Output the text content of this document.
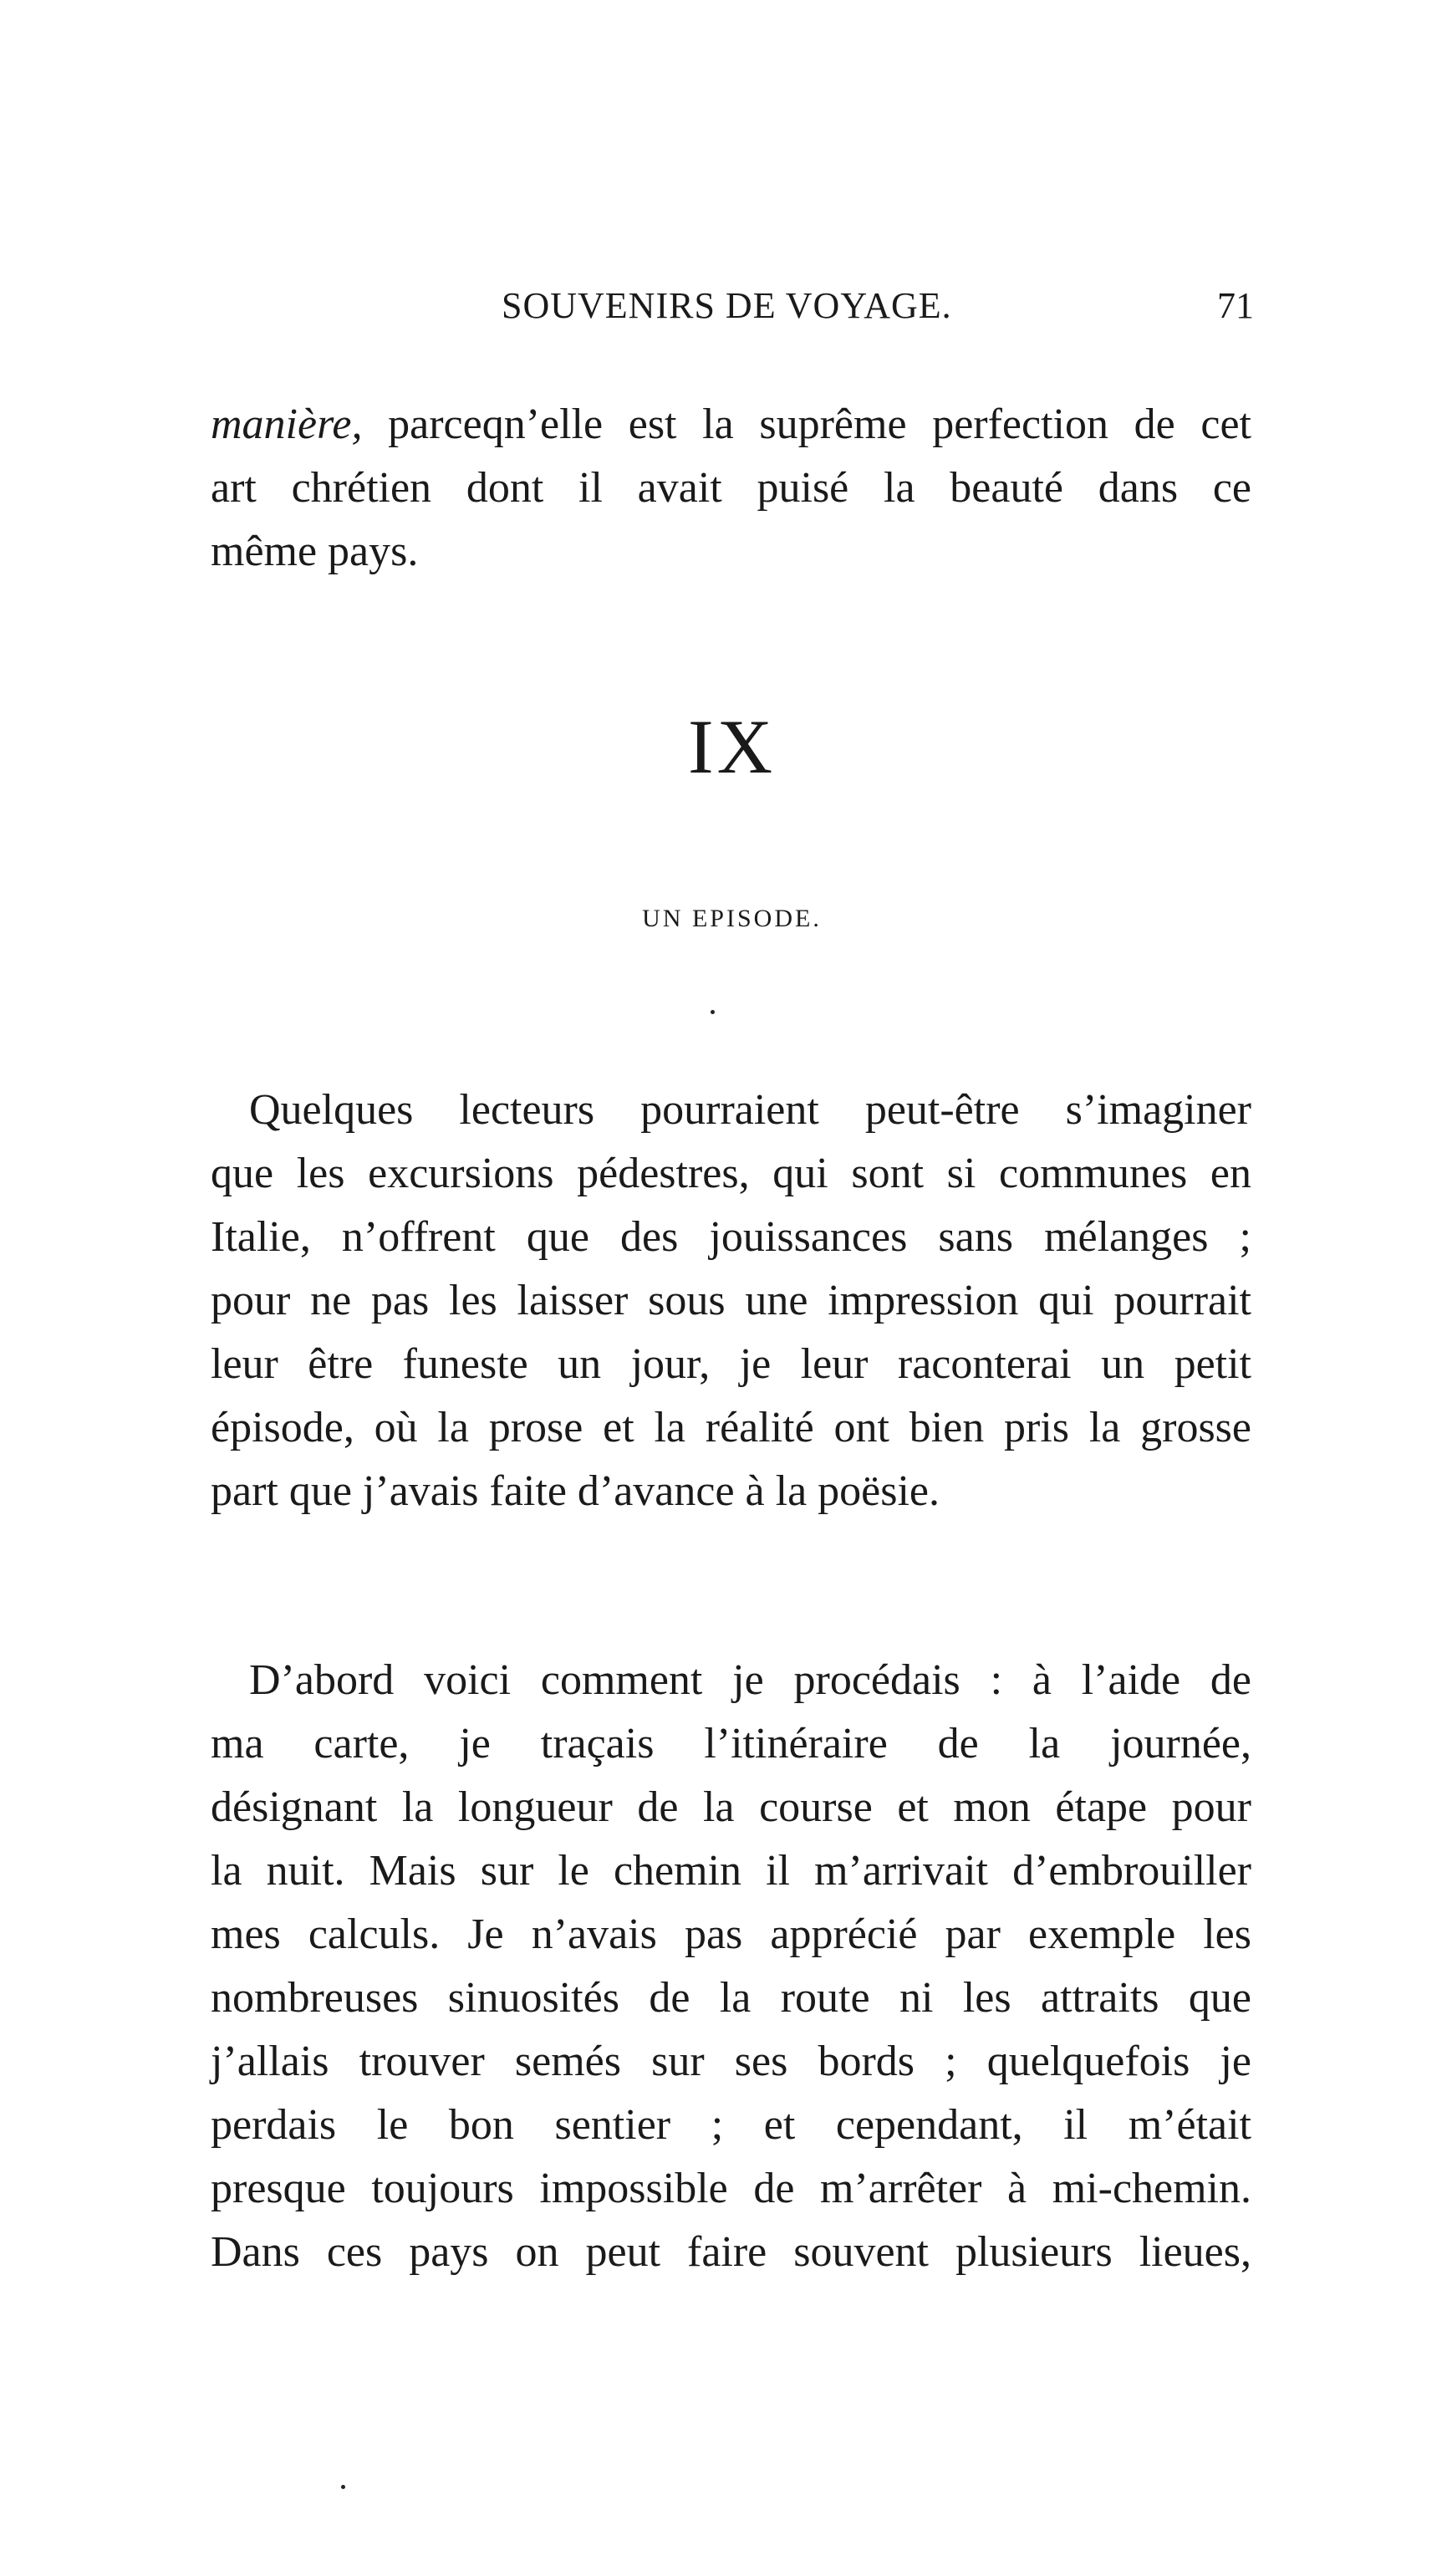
SOUVENIRS DE VOYAGE.	71
manière, parceqn’elle est la suprême perfection de cet
art chrétien dont il avait puisé la beauté dans ce
même pays.
IX
UN EPISODE.
Quelques lecteurs pourraient peut-être s’imaginer
que les excursions pédestres, qui sont si communes en
Italie, n’offrent que des jouissances sans mélanges ;
pour ne pas les laisser sous une impression qui pourrait
leur être funeste un jour, je leur raconterai un petit
épisode, où la prose et la réalité ont bien pris la grosse
part que j’avais faite d’avance à la poësie.
D’abord voici comment je procédais : à l’aide de
ma carte, je traçais l’itinéraire de la journée,
désignant la longueur de la course et mon étape pour
la nuit. Mais sur le chemin il m’arrivait d’embrouiller
mes calculs. Je n’avais pas apprécié par exemple les
nombreuses sinuosités de la route ni les attraits que
j’allais trouver semés sur ses bords ; quelquefois je
perdais le bon sentier ; et cependant, il m’était
presque toujours impossible de m’arrêter à mi-chemin.
Dans ces pays on peut faire souvent plusieurs lieues,
